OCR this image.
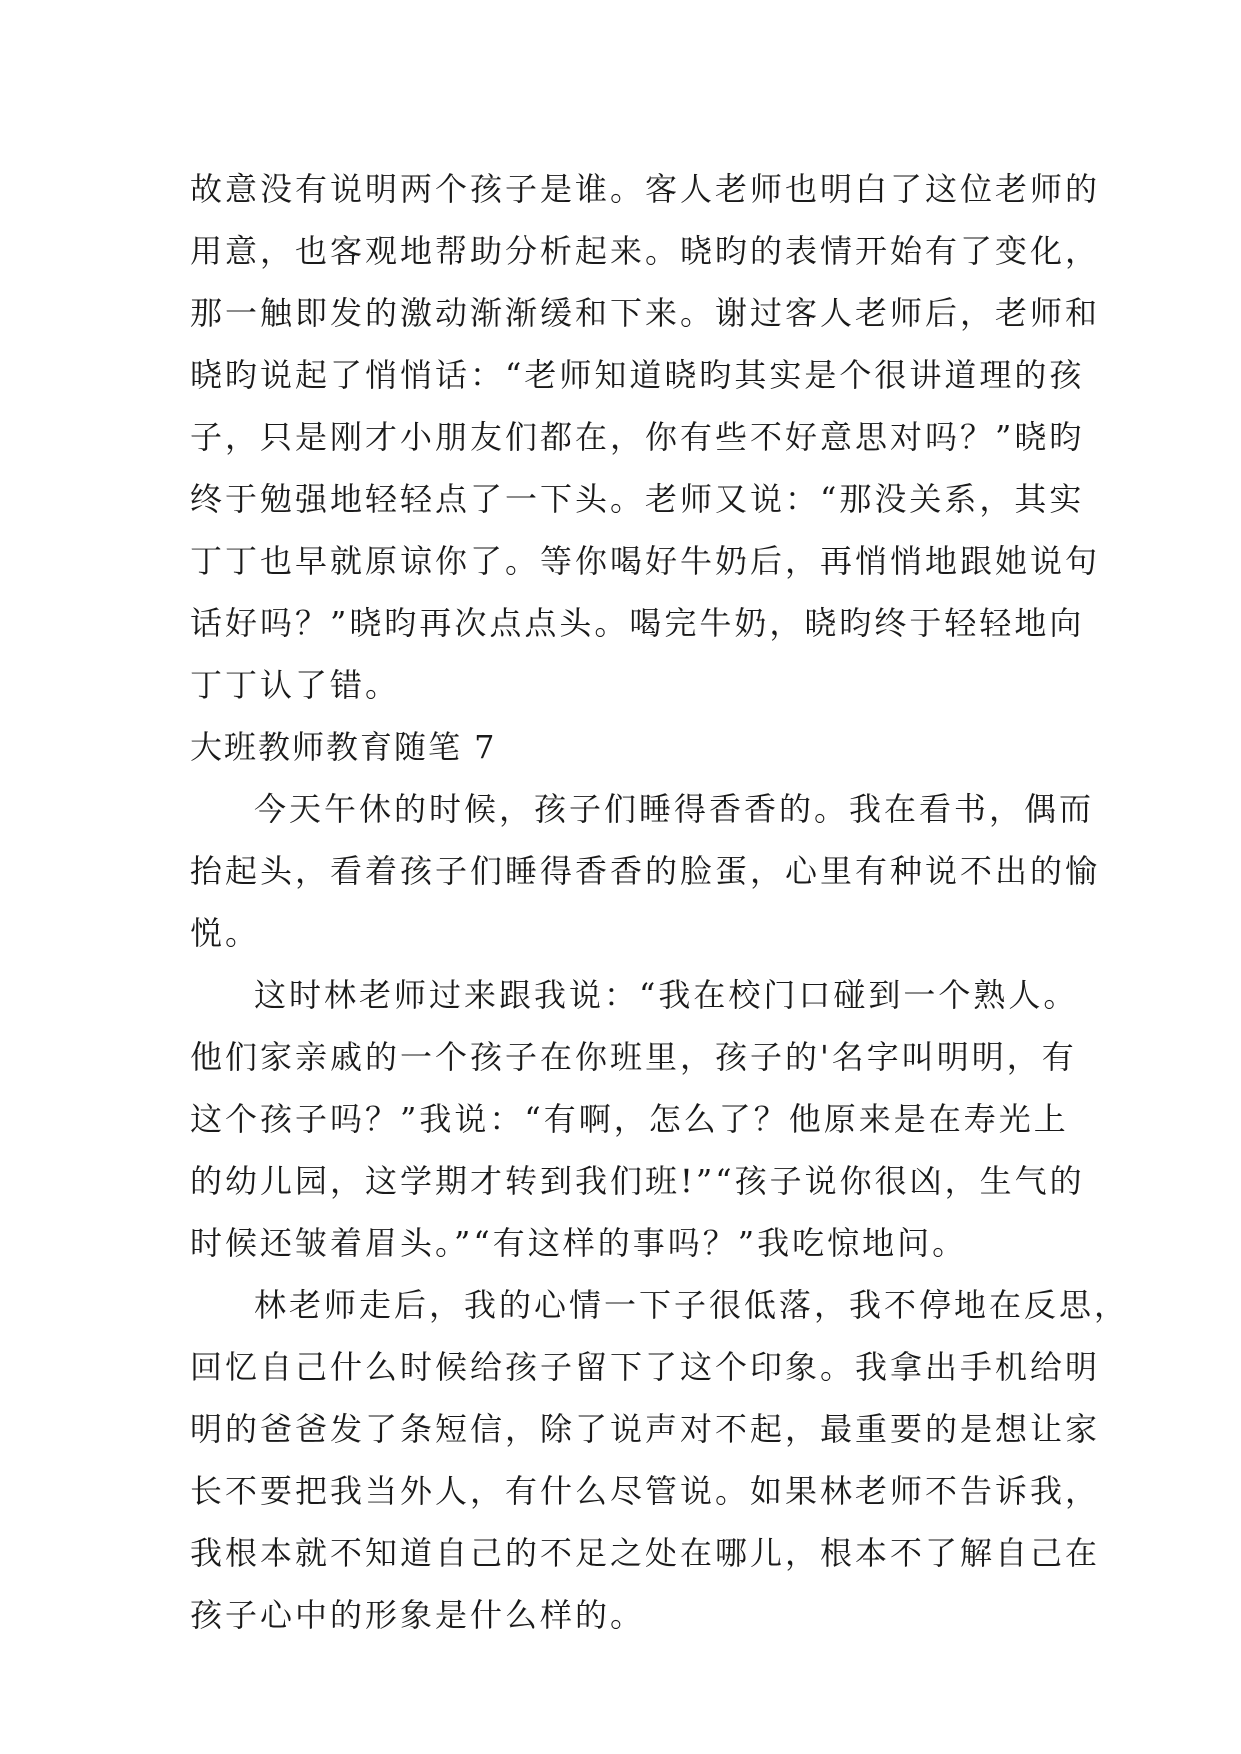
故意没有说明两个孩子是谁。客人老师也明白了这位老师的
用意，也客观地帮助分析起来。晓昀的表情开始有了变化，
那一触即发的激动渐渐缓和下来。谢过客人老师后，老师和
晓昀说起了悄悄话：“老师知道晓昀其实是个很讲道理的孩
子，只是刚才小朋友们都在，你有些不好意思对吗？”晓昀
终于勉强地轻轻点了一下头。老师又说：“那没关系，其实
丁丁也早就原谅你了。等你喝好牛奶后，再悄悄地跟她说句
话好吗？”晓昀再次点点头。喝完牛奶，晓昀终于轻轻地向
丁丁认了错。
大班教师教育随笔 7
今天午休的时候，孩子们睡得香香的。我在看书，偶而
抬起头，看着孩子们睡得香香的脸蛋，心里有种说不出的愉
悦。
这时林老师过来跟我说：“我在校门口碰到一个熟人。
他们家亲戚的一个孩子在你班里，孩子的'名字叫明明，有
这个孩子吗？”我说：“有啊，怎么了？他原来是在寿光上
的幼儿园，这学期才转到我们班!”“孩子说你很凶，生气的
时候还皱着眉头。”“有这样的事吗？”我吃惊地问。
林老师走后，我的心情一下子很低落，我不停地在反思，
回忆自己什么时候给孩子留下了这个印象。我拿出手机给明
明的爸爸发了条短信，除了说声对不起，最重要的是想让家
长不要把我当外人，有什么尽管说。如果林老师不告诉我，
我根本就不知道自己的不足之处在哪儿，根本不了解自己在
孩子心中的形象是什么样的。
